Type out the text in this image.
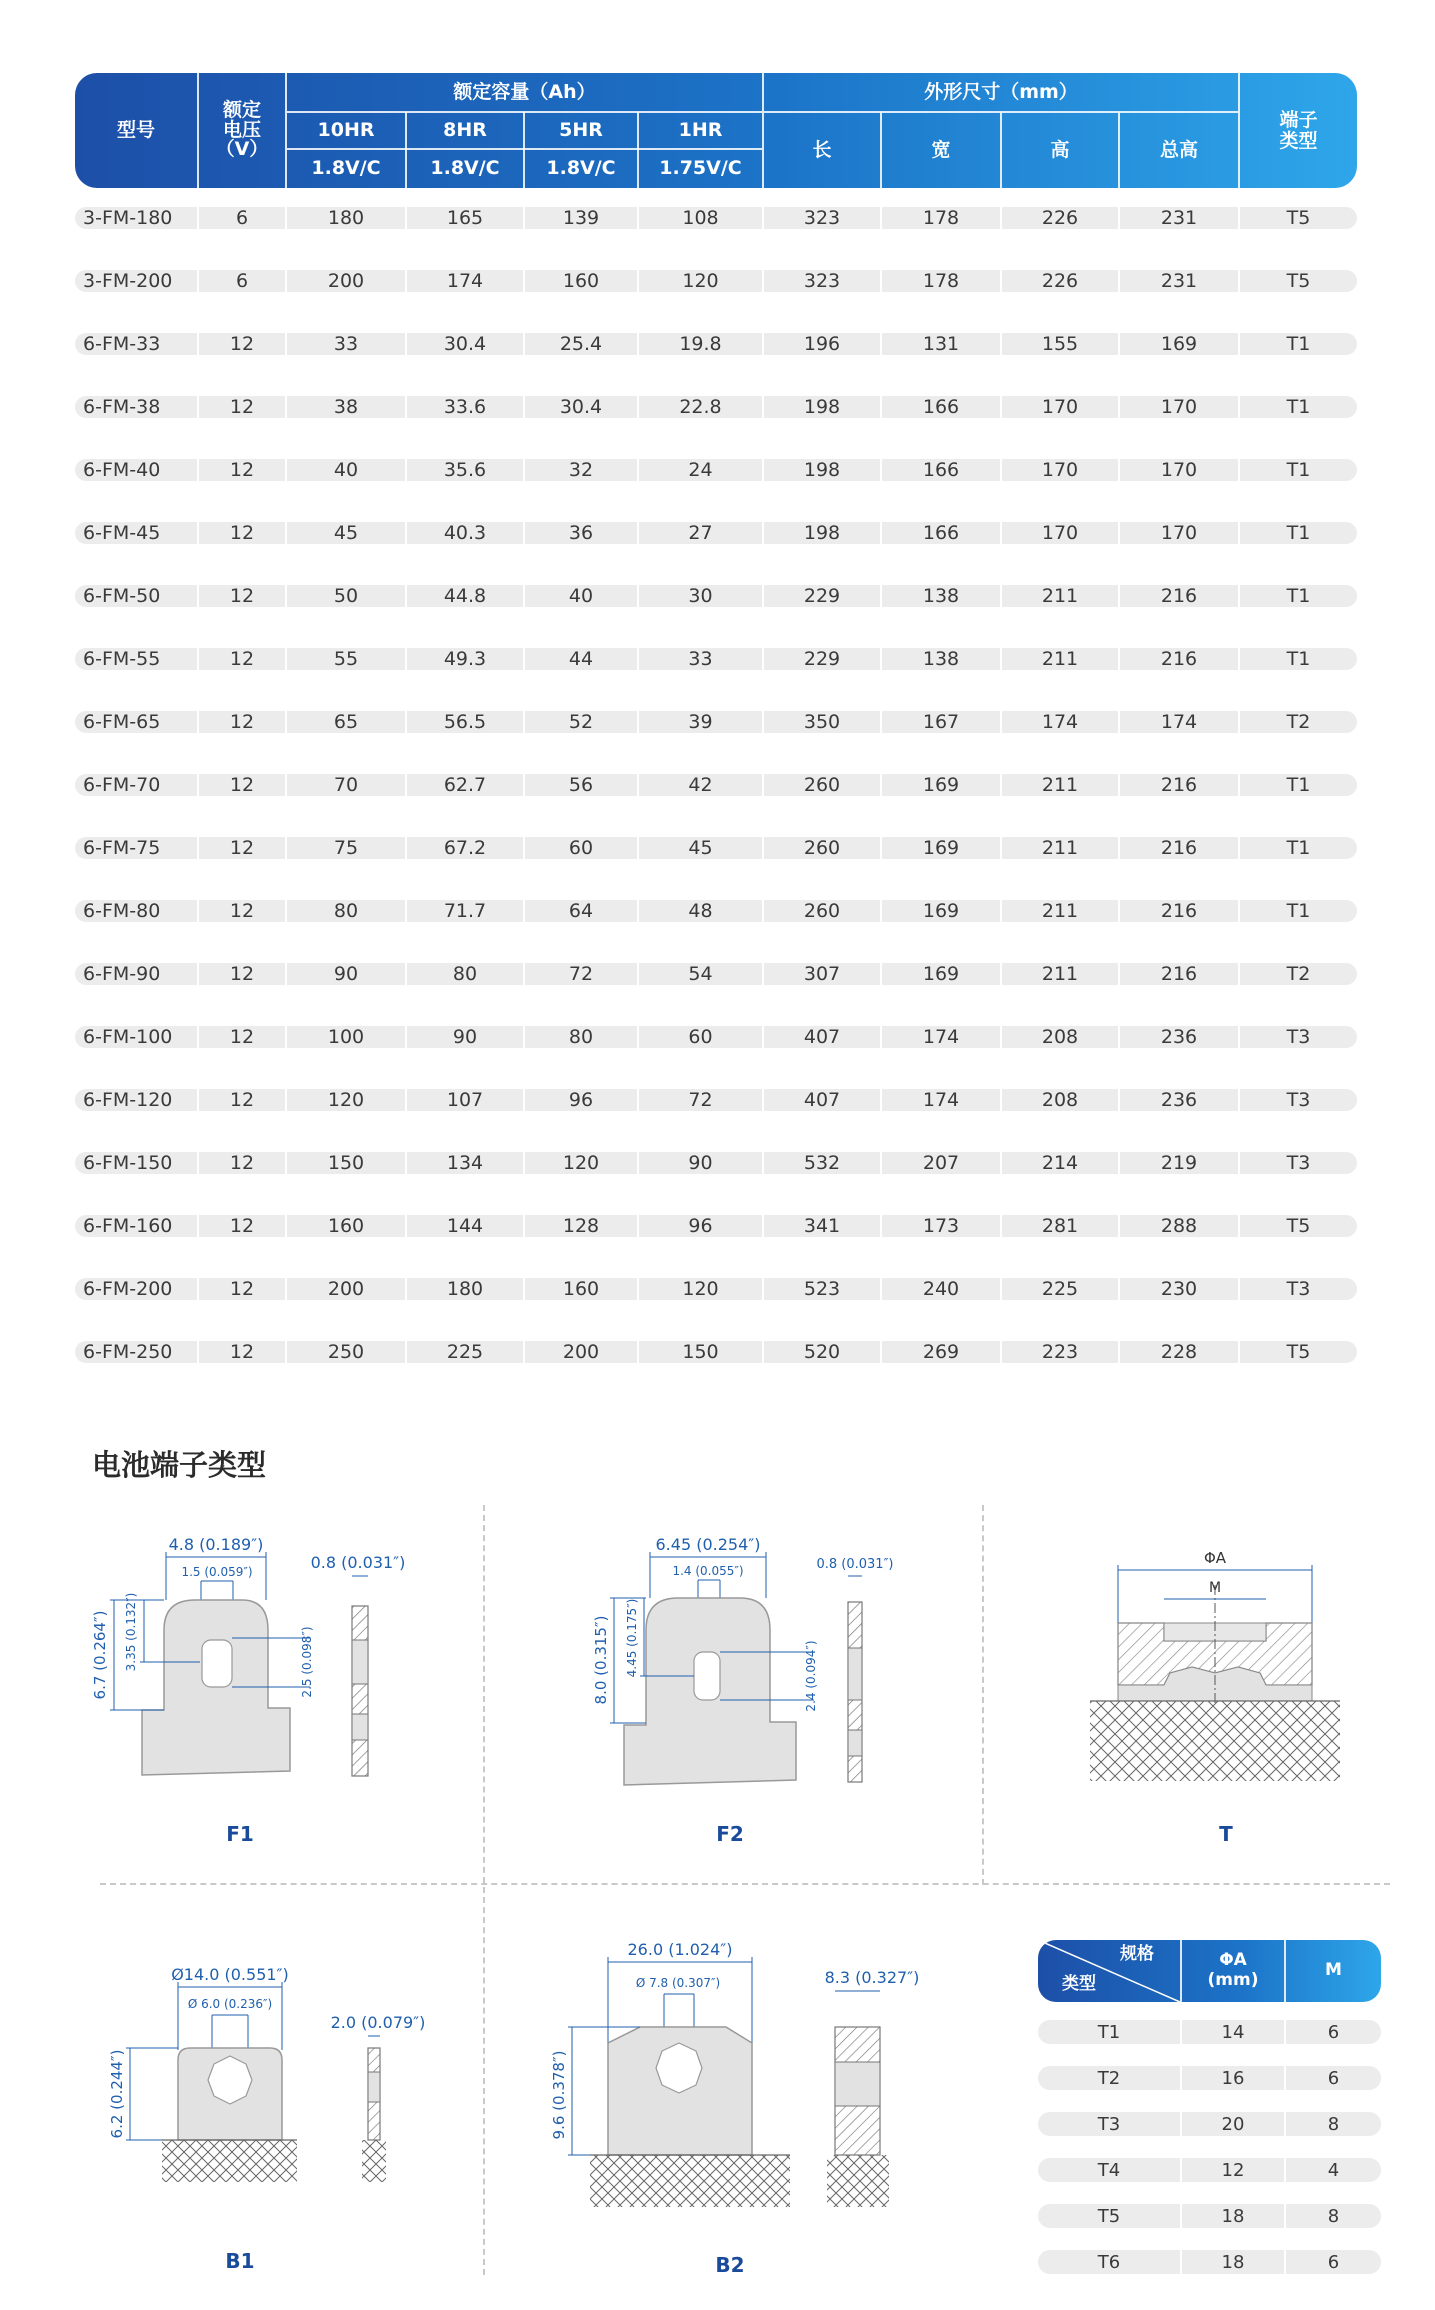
型号
额定
电压
（V）
额定容量（Ah）	外形尺寸（mm）
端子
类型
10HR	8HR	5HR	1HR
1.8V/C	1.8V/C	1.8V/C	1.75V/C
长	宽	高	总高
3-FM-180	6	180	165	139	108	323	178	226	231	T5
3-FM-200	6	200	174	160	120	323	178	226	231	T5
6-FM-33	12	33	30.4	25.4	19.8	196	131	155	169	T1
6-FM-38	12	38	33.6	30.4	22.8	198	166	170	170	T1
6-FM-40	12	40	35.6	32	24	198	166	170	170	T1
6-FM-45	12	45	40.3	36	27	198	166	170	170	T1
6-FM-50	12	50	44.8	40	30	229	138	211	216	T1
6-FM-55	12	55	49.3	44	33	229	138	211	216	T1
6-FM-65	12	65	56.5	52	39	350	167	174	174	T2
6-FM-70	12	70	62.7	56	42	260	169	211	216	T1
6-FM-75	12	75	67.2	60	45	260	169	211	216	T1
6-FM-80	12	80	71.7	64	48	260	169	211	216	T1
6-FM-90	12	90	80	72	54	307	169	211	216	T2
6-FM-100	12	100	90	80	60	407	174	208	236	T3
6-FM-120	12	120	107	96	72	407	174	208	236	T3
6-FM-150	12	150	134	120	90	532	207	214	219	T3
6-FM-160	12	160	144	128	96	341	173	281	288	T5
6-FM-200	12	200	180	160	120	523	240	225	230	T3
6-FM-250	12	250	225	200	150	520	269	223	228	T5
电池端子类型
4.8 (0.189″)
1.5 (0.059″)
6.7 (0.264″) 3.35 (0.132″)	2.5 (0.098″)
0.8 (0.031″)
F1
6.45 (0.254″)
1.4 (0.055″)
8.0 (0.315″) 4.45 (0.175″)	2.4 (0.094″)
0.8 (0.031″)
F2
ΦA
M
T
Ø14.0 (0.551″)
Ø 6.0 (0.236″)
6.2 (0.244″)
2.0 (0.079″)
B1
26.0 (1.024″)
Ø 7.8 (0.307″)
9.6 (0.378″)
8.3 (0.327″)
B2
规格
类型
ΦA
(mm)	M
T1	14	6
T2	16	6
T3	20	8
T4	12	4
T5	18	8
T6	18	6
